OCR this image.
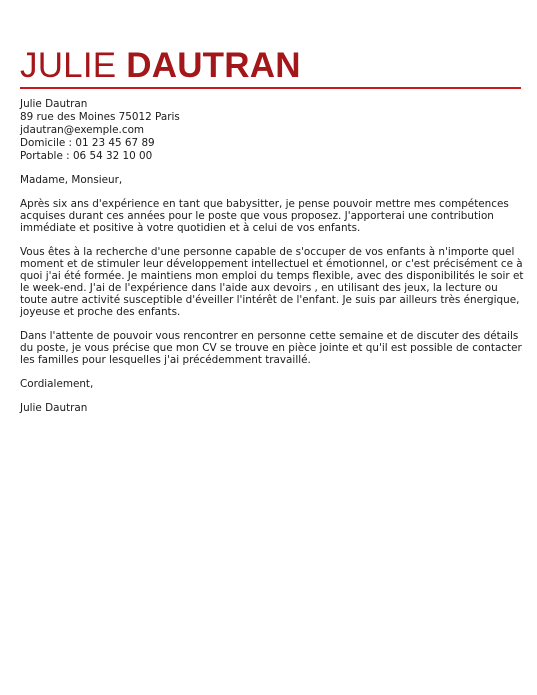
JULIE DAUTRAN
Julie Dautran
89 rue des Moines 75012 Paris
jdautran@exemple.com
Domicile : 01 23 45 67 89
Portable : 06 54 32 10 00

Madame, Monsieur,

Après six ans d'expérience en tant que babysitter, je pense pouvoir mettre mes compétences acquises durant ces années pour le poste que vous proposez. J'apporterai une contribution immédiate et positive à votre quotidien et à celui de vos enfants.

Vous êtes à la recherche d'une personne capable de s'occuper de vos enfants à n'importe quel moment et de stimuler leur développement intellectuel et émotionnel, or c'est précisément ce à quoi j'ai été formée. Je maintiens mon emploi du temps flexible, avec des disponibilités le soir et le week-end. J'ai de l'expérience dans l'aide aux devoirs , en utilisant des jeux, la lecture ou toute autre activité susceptible d'éveiller l'intérêt de l'enfant. Je suis par ailleurs très énergique, joyeuse et proche des enfants.

Dans l'attente de pouvoir vous rencontrer en personne cette semaine et de discuter des détails du poste, je vous précise que mon CV se trouve en pièce jointe et qu'il est possible de contacter les familles pour lesquelles j'ai précédemment travaillé.

Cordialement,

Julie Dautran
